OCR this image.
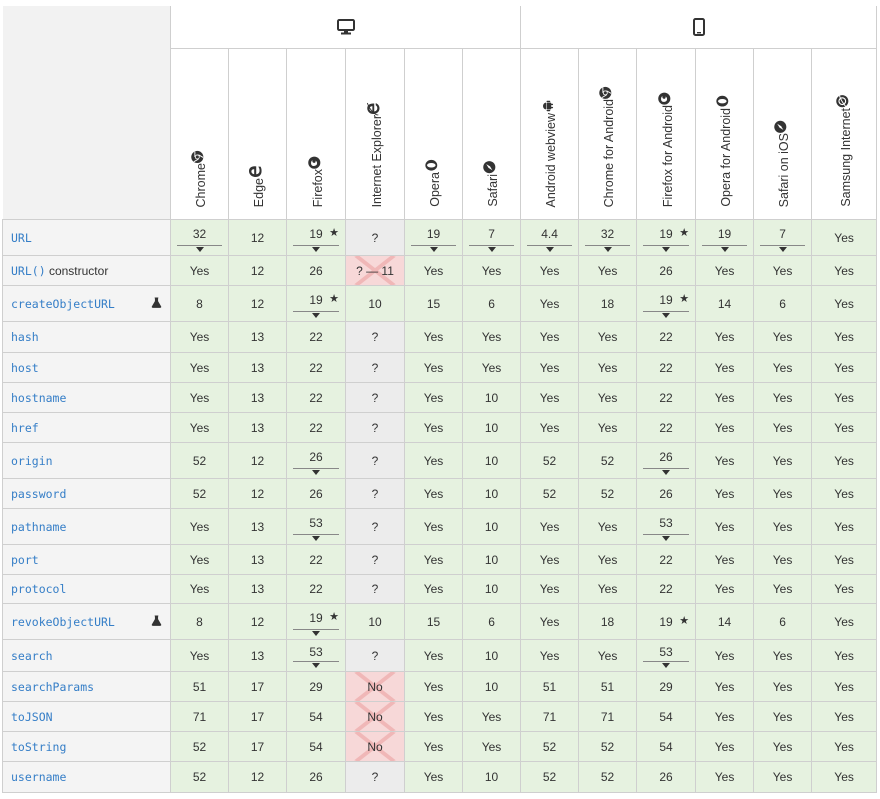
	Chrome	Edge	Firefox	Internet Explorer	Opera	Safari	Android webview	Chrome for Android	Firefox for Android	Opera for Android	Safari on iOS	Samsung Internet
URL	32	12	19 ★	?	19	7	4.4	32	19 ★	19	7	Yes
URL() constructor	Yes	12	26	? — 11	Yes	Yes	Yes	Yes	26	Yes	Yes	Yes
createObjectURL	8	12	19 ★	10	15	6	Yes	18	19 ★	14	6	Yes
hash	Yes	13	22	?	Yes	Yes	Yes	Yes	22	Yes	Yes	Yes
host	Yes	13	22	?	Yes	Yes	Yes	Yes	22	Yes	Yes	Yes
hostname	Yes	13	22	?	Yes	10	Yes	Yes	22	Yes	Yes	Yes
href	Yes	13	22	?	Yes	10	Yes	Yes	22	Yes	Yes	Yes
origin	52	12	26	?	Yes	10	52	52	26	Yes	Yes	Yes
password	52	12	26	?	Yes	10	52	52	26	Yes	Yes	Yes
pathname	Yes	13	53	?	Yes	10	Yes	Yes	53	Yes	Yes	Yes
port	Yes	13	22	?	Yes	10	Yes	Yes	22	Yes	Yes	Yes
protocol	Yes	13	22	?	Yes	10	Yes	Yes	22	Yes	Yes	Yes
revokeObjectURL	8	12	19 ★	10	15	6	Yes	18	19 ★	14	6	Yes
search	Yes	13	53	?	Yes	10	Yes	Yes	53	Yes	Yes	Yes
searchParams	51	17	29	No	Yes	10	51	51	29	Yes	Yes	Yes
toJSON	71	17	54	No	Yes	Yes	71	71	54	Yes	Yes	Yes
toString	52	17	54	No	Yes	Yes	52	52	54	Yes	Yes	Yes
username	52	12	26	?	Yes	10	52	52	26	Yes	Yes	Yes
